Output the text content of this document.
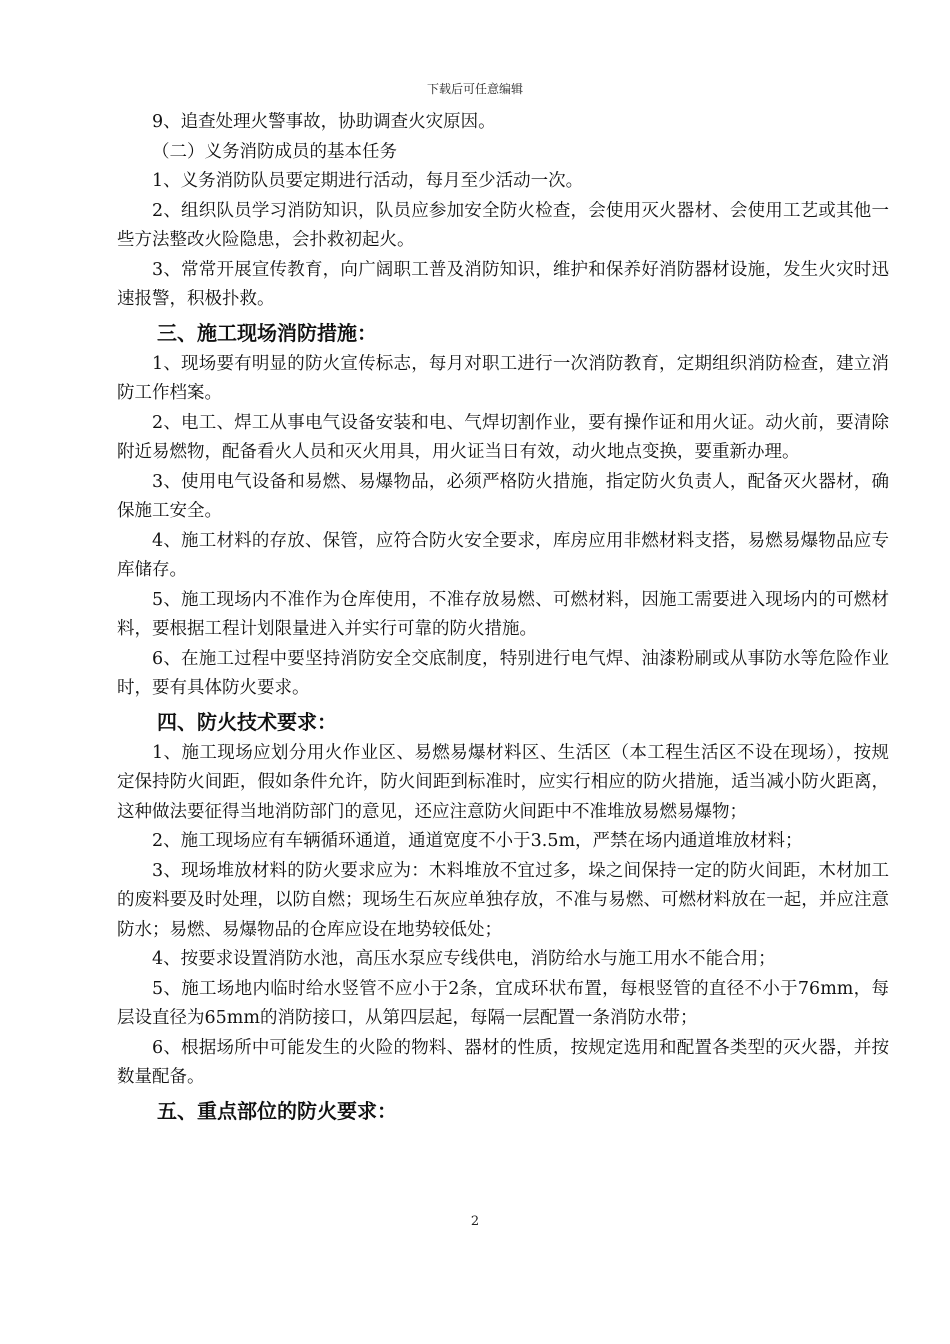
下载后可任意编辑

9、追查处理火警事故，协助调查火灾原因。

（二）义务消防成员的基本任务

1、义务消防队员要定期进行活动，每月至少活动一次。

2、组织队员学习消防知识，队员应参加安全防火检查，会使用灭火器材、会使用工艺或其他一些方法整改火险隐患，会扑救初起火。

3、常常开展宣传教育，向广阔职工普及消防知识，维护和保养好消防器材设施，发生火灾时迅速报警，积极扑救。

三、施工现场消防措施：

1、现场要有明显的防火宣传标志，每月对职工进行一次消防教育，定期组织消防检查，建立消防工作档案。

2、电工、焊工从事电气设备安装和电、气焊切割作业，要有操作证和用火证。动火前，要清除附近易燃物，配备看火人员和灭火用具，用火证当日有效，动火地点变换，要重新办理。

3、使用电气设备和易燃、易爆物品，必须严格防火措施，指定防火负责人，配备灭火器材，确保施工安全。

4、施工材料的存放、保管，应符合防火安全要求，库房应用非燃材料支搭，易燃易爆物品应专库储存。

5、施工现场内不准作为仓库使用，不准存放易燃、可燃材料，因施工需要进入现场内的可燃材料，要根据工程计划限量进入并实行可靠的防火措施。

6、在施工过程中要坚持消防安全交底制度，特别进行电气焊、油漆粉刷或从事防水等危险作业时，要有具体防火要求。

四、防火技术要求：

1、施工现场应划分用火作业区、易燃易爆材料区、生活区（本工程生活区不设在现场），按规定保持防火间距，假如条件允许，防火间距到标准时，应实行相应的防火措施，适当减小防火距离，这种做法要征得当地消防部门的意见，还应注意防火间距中不准堆放易燃易爆物；

2、施工现场应有车辆循环通道，通道宽度不小于3.5m，严禁在场内通道堆放材料；

3、现场堆放材料的防火要求应为：木料堆放不宜过多，垛之间保持一定的防火间距，木材加工的废料要及时处理，以防自燃；现场生石灰应单独存放，不准与易燃、可燃材料放在一起，并应注意防水；易燃、易爆物品的仓库应设在地势较低处；

4、按要求设置消防水池，高压水泵应专线供电，消防给水与施工用水不能合用；

5、施工场地内临时给水竖管不应小于2条，宜成环状布置，每根竖管的直径不小于76mm，每层设直径为65mm的消防接口，从第四层起，每隔一层配置一条消防水带；

6、根据场所中可能发生的火险的物料、器材的性质，按规定选用和配置各类型的灭火器，并按数量配备。

五、重点部位的防火要求：
2
